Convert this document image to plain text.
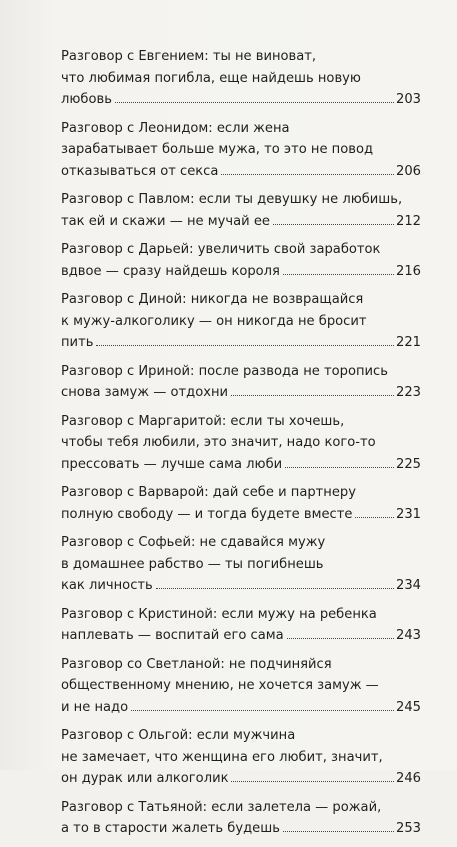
Разговор с Евгением: ты не виноват,
что любимая погибла, еще найдешь новую
любовь	203
Разговор с Леонидом: если жена
зарабатывает больше мужа, то это не повод
отказываться от секса	206
Разговор с Павлом: если ты девушку не любишь,
так ей и скажи — не мучай ее	212
Разговор с Дарьей: увеличить свой заработок
вдвое — сразу найдешь короля	216
Разговор с Диной: никогда не возвращайся
к мужу-алкоголику — он никогда не бросит
пить	221
Разговор с Ириной: после развода не торопись
снова замуж — отдохни	223
Разговор с Маргаритой: если ты хочешь,
чтобы тебя любили, это значит, надо кого-то
прессовать — лучше сама люби	225
Разговор с Варварой: дай себе и партнеру
полную свободу — и тогда будете вместе	231
Разговор с Софьей: не сдавайся мужу
в домашнее рабство — ты погибнешь
как личность	234
Разговор с Кристиной: если мужу на ребенка
наплевать — воспитай его сама	243
Разговор со Светланой: не подчиняйся
общественному мнению, не хочется замуж —
и не надо	245
Разговор с Ольгой: если мужчина
не замечает, что женщина его любит, значит,
он дурак или алкоголик	246
Разговор с Татьяной: если залетела — рожай,
а то в старости жалеть будешь	253
